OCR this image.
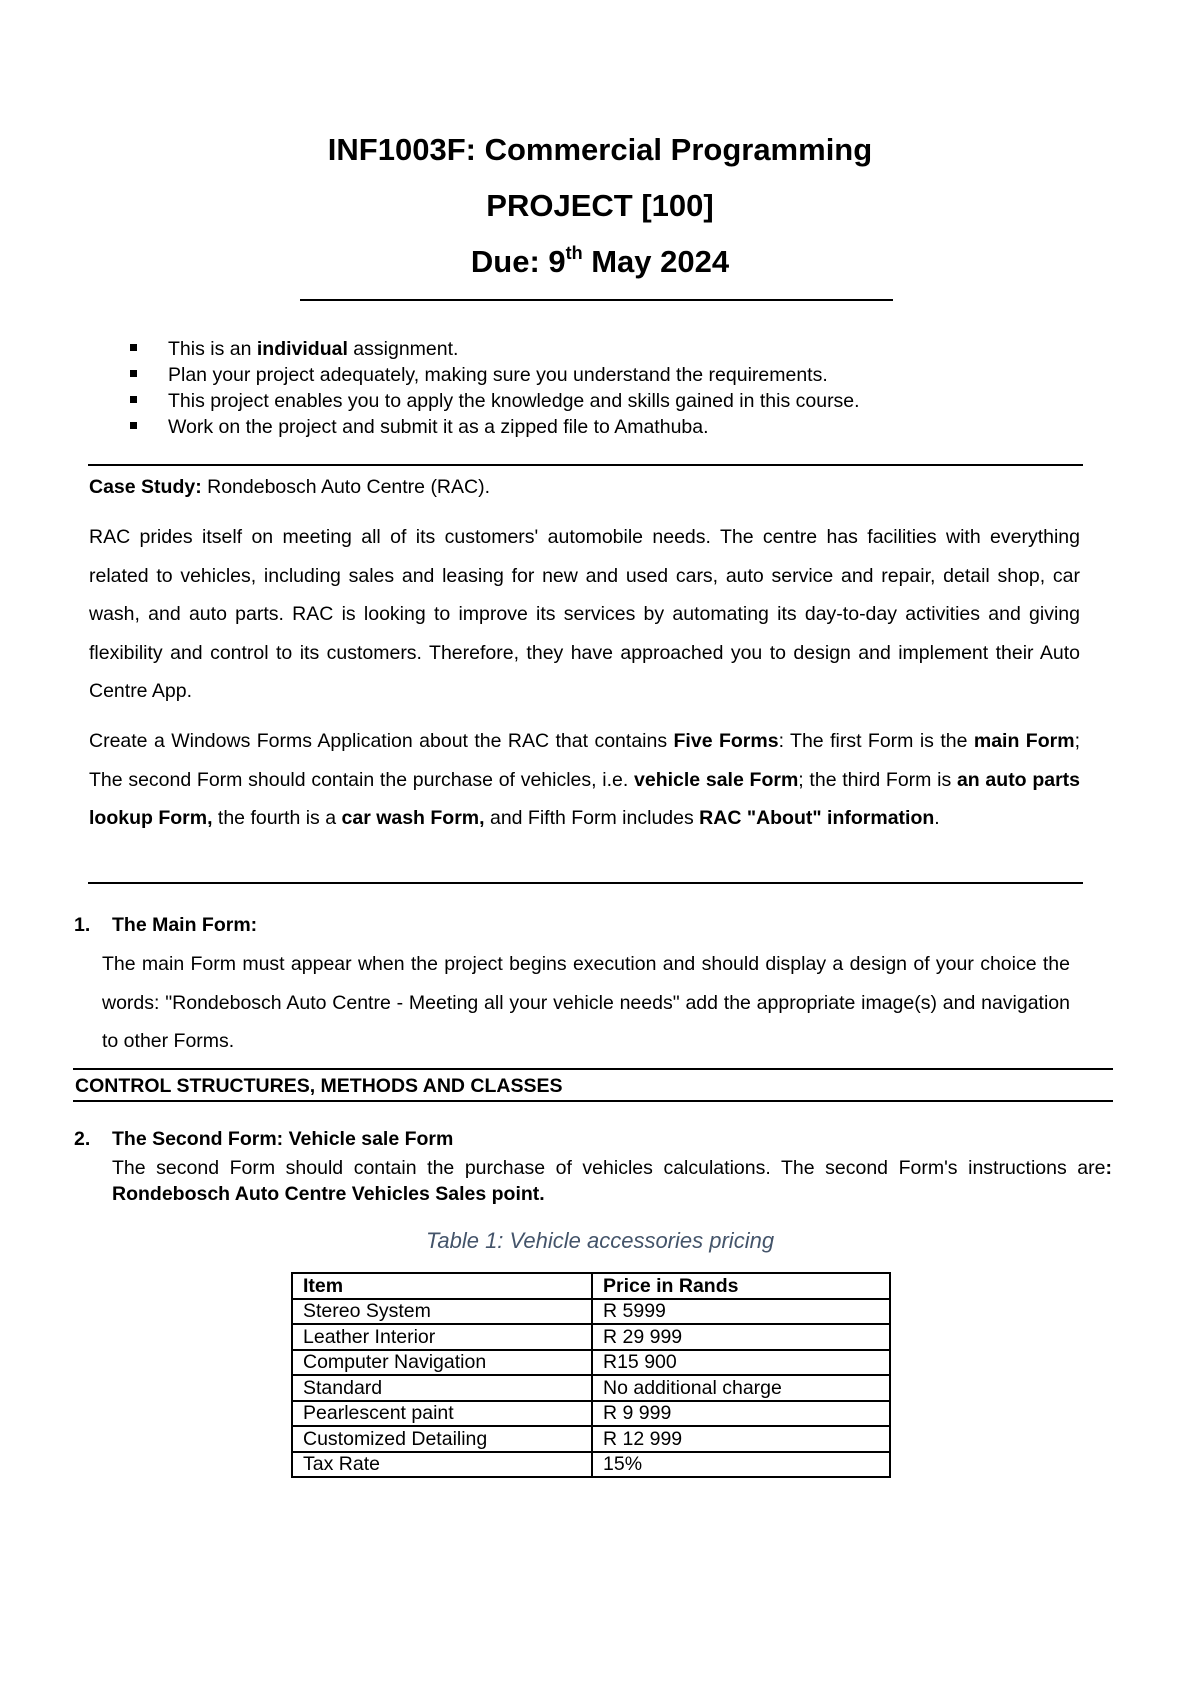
INF1003F: Commercial Programming
PROJECT [100]
Due: 9th May 2024
This is an individual assignment.
Plan your project adequately, making sure you understand the requirements.
This project enables you to apply the knowledge and skills gained in this course.
Work on the project and submit it as a zipped file to Amathuba.
Case Study: Rondebosch Auto Centre (RAC).
RAC prides itself on meeting all of its customers' automobile needs. The centre has facilities with everything related to vehicles, including sales and leasing for new and used cars, auto service and repair, detail shop, car wash, and auto parts. RAC is looking to improve its services by automating its day-to-day activities and giving flexibility and control to its customers. Therefore, they have approached you to design and implement their Auto Centre App.
Create a Windows Forms Application about the RAC that contains Five Forms: The first Form is the main Form; The second Form should contain the purchase of vehicles, i.e. vehicle sale Form; the third Form is an auto parts lookup Form, the fourth is a car wash Form, and Fifth Form includes RAC "About" information.
1. The Main Form:
The main Form must appear when the project begins execution and should display a design of your choice the words: "Rondebosch Auto Centre - Meeting all your vehicle needs" add the appropriate image(s) and navigation to other Forms.
CONTROL STRUCTURES, METHODS AND CLASSES
2. The Second Form: Vehicle sale Form
The second Form should contain the purchase of vehicles calculations. The second Form's instructions are: Rondebosch Auto Centre Vehicles Sales point.
Table 1: Vehicle accessories pricing
Item	Price in Rands
Stereo System	R 5999
Leather Interior	R 29 999
Computer Navigation	R15 900
Standard	No additional charge
Pearlescent paint	R 9 999
Customized Detailing	R 12 999
Tax Rate	15%
